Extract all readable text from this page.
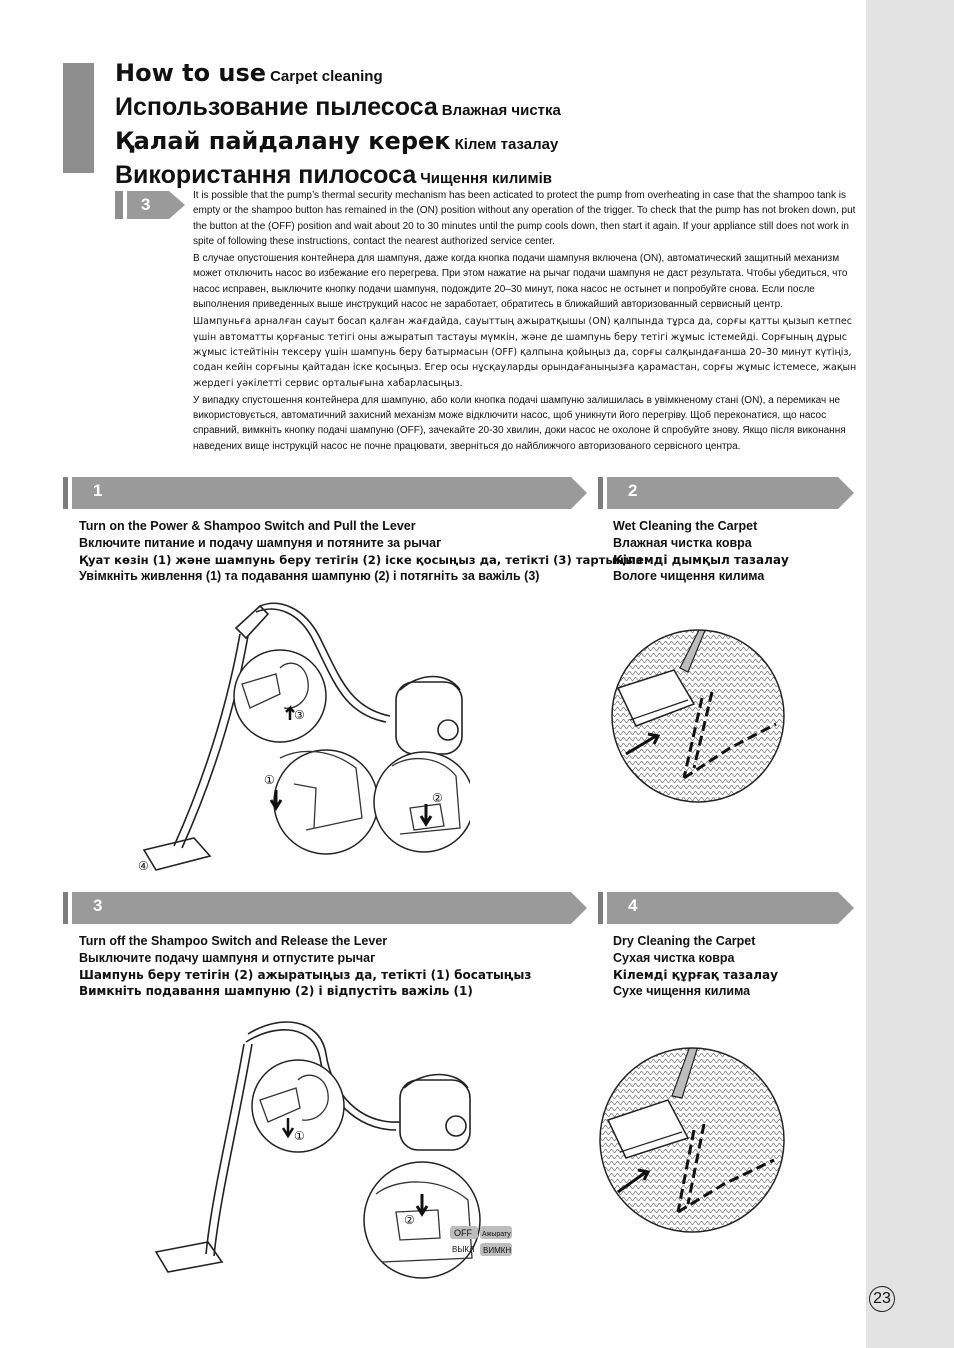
How to use Carpet cleaning
Использование пылесоса Влажная чистка
Қалай пайдалану керек Кілем тазалау
Використання пилососа Чищення килимів
3	It is possible that the pump’s thermal security mechanism has been acticated to protect the pump from overheating in case that the shampoo tank is empty or the shampoo button has remained in the (ON) position without any operation of the trigger. To check that the pump has not broken down, put the button at the (OFF) position and wait about 20 to 30 minutes until the pump cools down, then start it again. If your appliance still does not work in spite of following these instructions, contact the nearest authorized service center.

В случае опустошения контейнера для шампуня, даже когда кнопка подачи шампуня включена (ON), автоматический защитный механизм может отключить насос во избежание его перегрева. При этом нажатие на рычаг подачи шампуня не даст результата. Чтобы убедиться, что насос исправен, выключите кнопку подачи шампуня, подождите 20–30 минут, пока насос не остынет и попробуйте снова. Если после выполнения приведенных выше инструкций насос не заработает, обратитесь в ближайший авторизованный сервисный центр.

Шампуньға арналған сауыт босап қалған жағдайда, сауыттың ажыратқышы (ON) қалпында тұрса да, сорғы қатты қызып кетпес үшін автоматты қорғаныс тетігі оны ажыратып тастауы мүмкін, және де шампунь беру тетігі жұмыс істемейді. Сорғының дұрыс жұмыс істейтінін тексеру үшін шампунь беру батырмасын (OFF) қалпына қойыңыз да, сорғы салқындағанша 20–30 минут күтіңіз, содан кейін сорғыны қайтадан іске қосыңыз. Егер осы нұсқауларды орындағаныңызға қарамастан, сорғы жұмыс істемесе, жақын жердегі уәкілетті сервис орталығына хабарласыңыз.

У випадку спустошення контейнера для шампуню, або коли кнопка подачі шампуню залишилась в увімкненому стані (ON), а перемикач не використовується, автоматичний захисний механізм може відключити насос, щоб уникнути його перегріву. Щоб переконатися, що насос справний, вимкніть кнопку подачі шампуню (OFF), зачекайте 20-30 хвилин, доки насос не охолоне й спробуйте знову. Якщо після виконання наведених вище інструкцій насос не почне працювати, зверніться до найближчого авторизованого сервісного центра.

1	2
3	4
Turn on the Power & Shampoo Switch and Pull the Lever
Включите питание и подачу шампуня и потяните за рычаг
Қуат көзін (1) және шампунь беру тетігін (2) іске қосыңыз да, тетікті (3) тартыңыз
Увімкніть живлення (1) та подавання шампуню (2) і потягніть за важіль (3)
Wet Cleaning the Carpet
Влажная чистка ковра
Кілемді дымқыл тазалау
Вологе чищення килима
Turn off the Shampoo Switch and Release the Lever
Выключите подачу шампуня и отпустите рычаг
Шампунь беру тетігін (2) ажыратыңыз да, тетікті (1) босатыңыз
Вимкніть подавання шампуню (2) і відпустіть важіль (1)
Dry Cleaning the Carpet
Сухая чистка ковра
Кілемді құрғақ тазалау
Сухе чищення килима
③
①
②
④
①
②
OFF Ажырату
ВЫКЛ ВИМКН
23
